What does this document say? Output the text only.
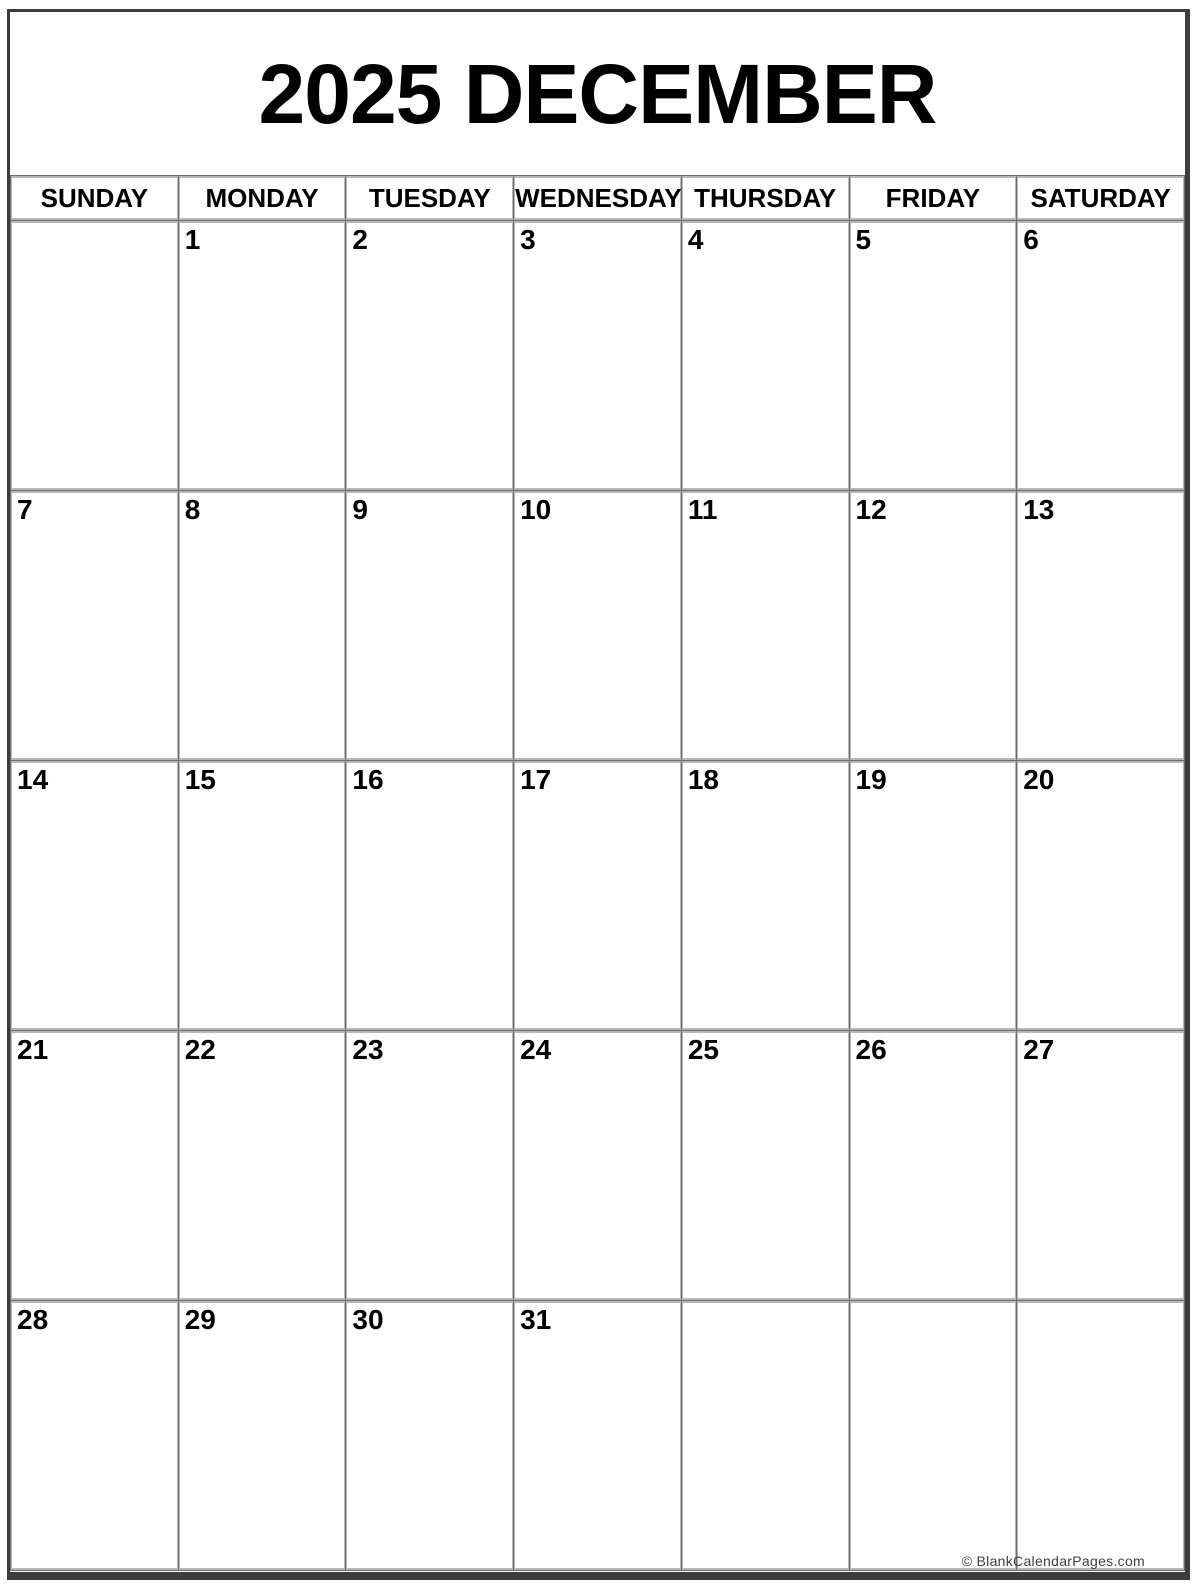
2025 DECEMBER
SUNDAY	MONDAY	TUESDAY	WEDNESDAY	THURSDAY	FRIDAY	SATURDAY
	1	2	3	4	5	6
7	8	9	10	11	12	13
14	15	16	17	18	19	20
21	22	23	24	25	26	27
28	29	30	31			
© BlankCalendarPages.com
